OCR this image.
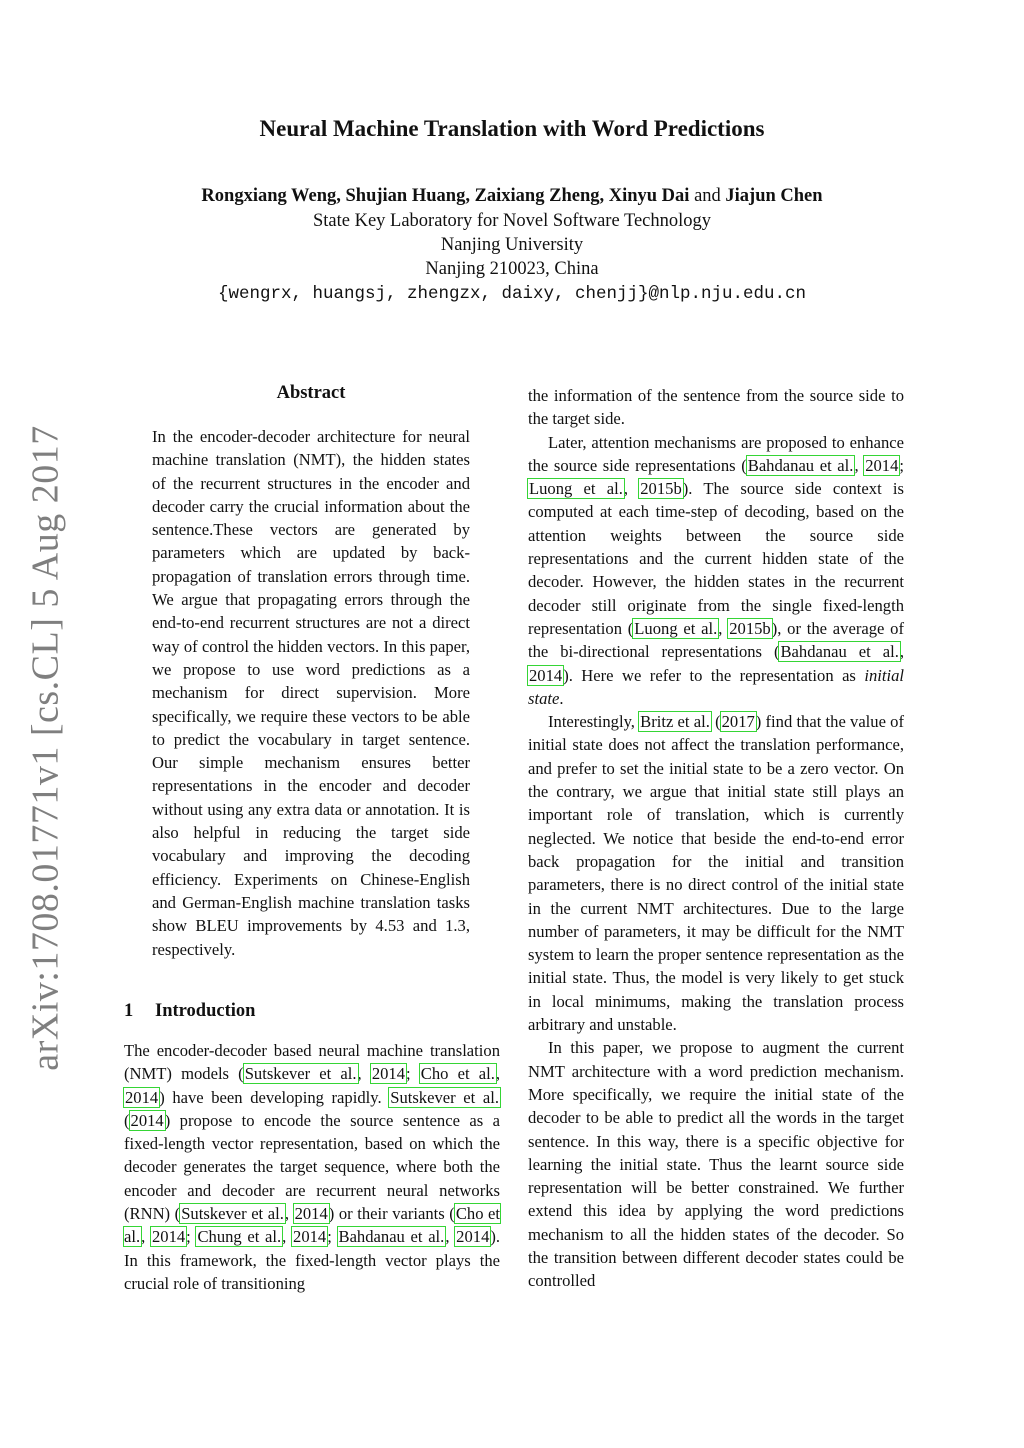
arXiv:1708.01771v1 [cs.CL] 5 Aug 2017
Neural Machine Translation with Word Predictions
Rongxiang Weng, Shujian Huang, Zaixiang Zheng, Xinyu Dai and Jiajun Chen
State Key Laboratory for Novel Software Technology
Nanjing University
Nanjing 210023, China
{wengrx, huangsj, zhengzx, daixy, chenjj}@nlp.nju.edu.cn
Abstract

In the encoder-decoder architecture for neural machine translation (NMT), the hidden states of the recurrent structures in the encoder and decoder carry the crucial information about the sentence.These vectors are generated by parameters which are updated by back-propagation of translation errors through time. We argue that propagating errors through the end-to-end recurrent structures are not a direct way of control the hidden vectors. In this paper, we propose to use word predictions as a mechanism for direct supervision. More specifically, we require these vectors to be able to predict the vocabulary in target sentence. Our simple mechanism ensures better representations in the encoder and decoder without using any extra data or annotation. It is also helpful in reducing the target side vocabulary and improving the decoding efficiency. Experiments on Chinese-English and German-English machine translation tasks show BLEU improvements by 4.53 and 1.3, respectively.

1 Introduction

The encoder-decoder based neural machine translation (NMT) models (Sutskever et al., 2014; Cho et al., 2014) have been developing rapidly. Sutskever et al. (2014) propose to encode the source sentence as a fixed-length vector representation, based on which the decoder generates the target sequence, where both the encoder and decoder are recurrent neural networks (RNN) (Sutskever et al., 2014) or their variants (Cho et al., 2014; Chung et al., 2014; Bahdanau et al., 2014). In this framework, the fixed-length vector plays the crucial role of transitioning

the information of the sentence from the source side to the target side.

Later, attention mechanisms are proposed to enhance the source side representations (Bahdanau et al., 2014; Luong et al., 2015b). The source side context is computed at each time-step of decoding, based on the attention weights between the source side representations and the current hidden state of the decoder. However, the hidden states in the recurrent decoder still originate from the single fixed-length representation (Luong et al., 2015b), or the average of the bi-directional representations (Bahdanau et al., 2014). Here we refer to the representation as initial state.

Interestingly, Britz et al. (2017) find that the value of initial state does not affect the translation performance, and prefer to set the initial state to be a zero vector. On the contrary, we argue that initial state still plays an important role of translation, which is currently neglected. We notice that beside the end-to-end error back propagation for the initial and transition parameters, there is no direct control of the initial state in the current NMT architectures. Due to the large number of parameters, it may be difficult for the NMT system to learn the proper sentence representation as the initial state. Thus, the model is very likely to get stuck in local minimums, making the translation process arbitrary and unstable.

In this paper, we propose to augment the current NMT architecture with a word prediction mechanism. More specifically, we require the initial state of the decoder to be able to predict all the words in the target sentence. In this way, there is a specific objective for learning the initial state. Thus the learnt source side representation will be better constrained. We further extend this idea by applying the word predictions mechanism to all the hidden states of the decoder. So the transition between different decoder states could be controlled
